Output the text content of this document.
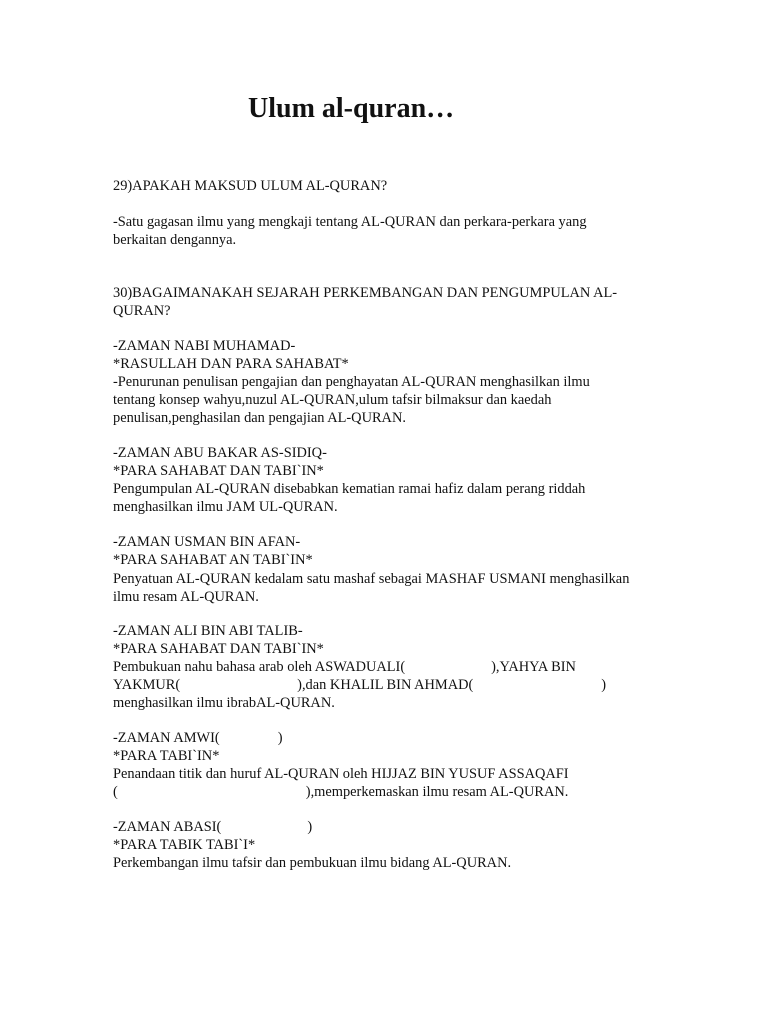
Ulum al-quran…

29)APAKAH MAKSUD ULUM AL-QURAN?

-Satu gagasan ilmu yang mengkaji tentang AL-QURAN dan perkara-perkara yang

berkaitan dengannya.

30)BAGAIMANAKAH SEJARAH PERKEMBANGAN DAN PENGUMPULAN AL-

QURAN?

-ZAMAN NABI MUHAMAD-

*RASULLAH DAN PARA SAHABAT*

-Penurunan penulisan pengajian dan penghayatan AL-QURAN menghasilkan ilmu

tentang konsep wahyu,nuzul AL-QURAN,ulum tafsir bilmaksur dan kaedah

penulisan,penghasilan dan pengajian AL-QURAN.

-ZAMAN ABU BAKAR AS-SIDIQ-

*PARA SAHABAT DAN TABI`IN*

Pengumpulan AL-QURAN disebabkan kematian ramai hafiz dalam perang riddah

menghasilkan ilmu JAM UL-QURAN.

-ZAMAN USMAN BIN AFAN-

*PARA SAHABAT AN TABI`IN*

Penyatuan AL-QURAN kedalam satu mashaf sebagai MASHAF USMANI menghasilkan

ilmu resam AL-QURAN.

-ZAMAN ALI BIN ABI TALIB-

*PARA SAHABAT DAN TABI`IN*

Pembukuan nahu bahasa arab oleh ASWADUALI(	),YAHYA BIN

YAKMUR(	),dan KHALIL BIN AHMAD(	)

menghasilkan ilmu ibrabAL-QURAN.

-ZAMAN AMWI(	)

*PARA TABI`IN*

Penandaan titik dan huruf AL-QURAN oleh HIJJAZ BIN YUSUF ASSAQAFI

(	),memperkemaskan ilmu resam AL-QURAN.

-ZAMAN ABASI(	)

*PARA TABIK TABI`I*

Perkembangan ilmu tafsir dan pembukuan ilmu bidang AL-QURAN.
